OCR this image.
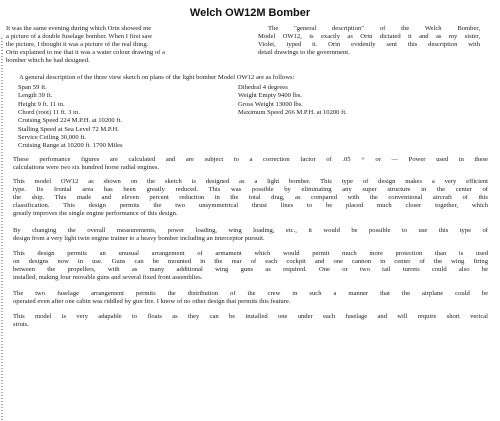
Welch OW12M Bomber
It was the same evening during which Orin showed me
a picture of a double fuselage bomber. When I first saw
the picture, I thought it was a picture of the real thing.
Orin explained to me that it was a water colour drawing of a
bomber which he had designed.
The "general description" of the Welch Bomber,
Model OW12, is exactly as Orin dictated it and as my sister,
Violet, typed it. Orin evidently sent this description with
detail drawings to the government.
A general description of the three view sketch on plans of the light bomber Model OW12 are as follows:
Span 59 ft.
Length 39 ft.
Height 9 ft. 11 in.
Chord (root) 11 ft. 3 in.
Cruising Speed 224 M.P.H. at 10200 ft.
Stalling Speed at Sea Level 72 M.P.H.
Service Ceiling 30,000 ft.
Cruising Range at 10200 ft. 1700 Miles
Dihedral 4 degrees
Weight Empty 9400 lbs.
Gross Weight 13000 lbs.
Maximum Speed 266 M.P.H. at 10200 ft.
These perfomance figures are calculated and are subject to a correction factor of .05 + or — Power used in these
calculations were two six hundred horse radial engines.
This model OW12 as shown on the sketch is designed as a light bomber. This type of design makes a very efficient
type. Its frontal area has been greatly reduced. This was possible by eliminating any super structure in the center of
the ship. This made and eleven percent reduction in the total drag, as compared with the conventional aircraft of this
classification. This design permits the two unsymmetrical thrust lines to be placed much closer together, which
greatly improves the single engine performance of this design.
By changing the overall measurements, power loading, wing loading, etc., it would be possible to use this type of
design from a very light twin engine trainer to a heavy bomber including an interceptor pursuit.
This design permits an unusual arrangement of armament which would permit much more protection than is used
on designs now in use. Guns can be mounted in the rear of each cockpit and one cannon in center of the wing firing
between the propellers, with as many additional wing guns as required. One or two tail turrets could also be
installed, making four movable guns and several fixed front assemblies.
The two fuselage arrangement permits the distribution of the crew in such a manner that the airplane could be
operated even after one cabin was riddled by gun fire. I know of no other design that permits this feature.
This model is very adapable to floats as they can be installed one under each fuselage and will require short verical
struts.
